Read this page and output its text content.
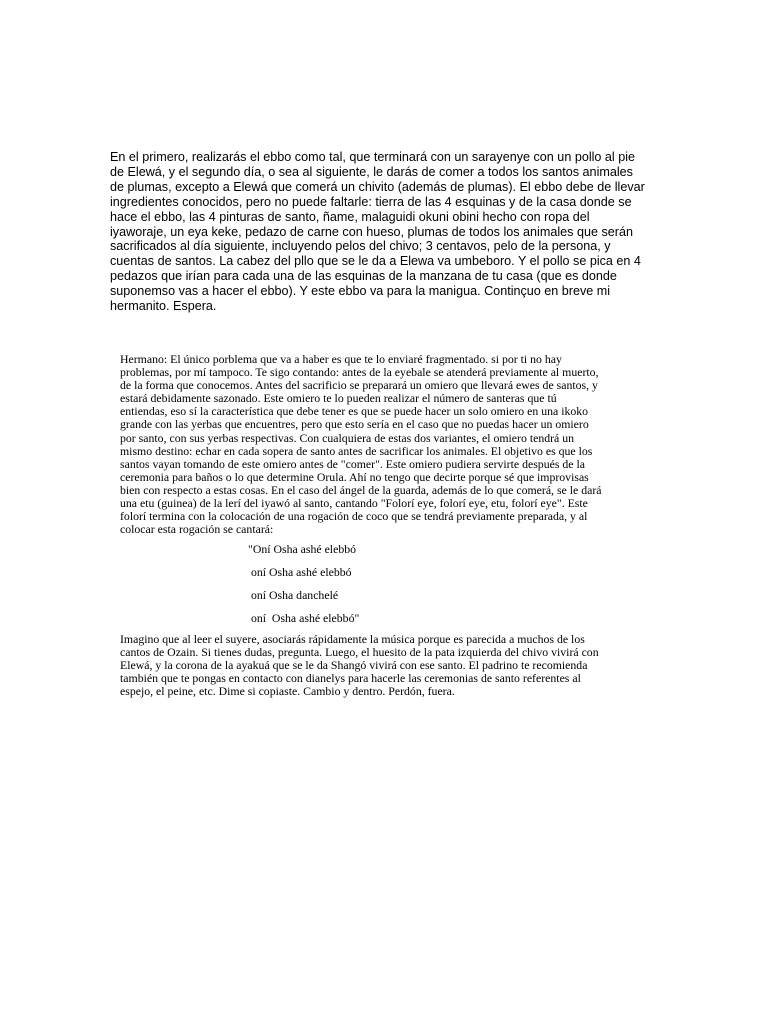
En el primero, realizarás el ebbo como tal, que terminará con un sarayenye con un pollo al pie
de Elewá, y el segundo día, o sea al siguiente, le darás de comer a todos los santos animales
de plumas, excepto a Elewá que comerá un chivito (además de plumas). El ebbo debe de llevar
ingredientes conocidos, pero no puede faltarle: tierra de las 4 esquinas y de la casa donde se
hace el ebbo, las 4 pinturas de santo, ñame, malaguidi okuni obini hecho con ropa del
iyaworaje, un eya keke, pedazo de carne con hueso, plumas de todos los animales que serán
sacrificados al día siguiente, incluyendo pelos del chivo; 3 centavos, pelo de la persona, y
cuentas de santos. La cabez del pllo que se le da a Elewa va umbeboro. Y el pollo se pica en 4
pedazos que irían para cada una de las esquinas de la manzana de tu casa (que es donde
suponemso vas a hacer el ebbo). Y este ebbo va para la manigua. Continçuo en breve mi
hermanito. Espera.

Hermano: El único porblema que va a haber es que te lo enviaré fragmentado. si por ti no hay
problemas, por mí tampoco. Te sigo contando: antes de la eyebale se atenderá previamente al muerto,
de la forma que conocemos. Antes del sacrificio se preparará un omiero que llevará ewes de santos, y
estará debidamente sazonado. Este omiero te lo pueden realizar el número de santeras que tú
entiendas, eso sí la característica que debe tener es que se puede hacer un solo omiero en una ikoko
grande con las yerbas que encuentres, pero que esto sería en el caso que no puedas hacer un omiero
por santo, con sus yerbas respectivas. Con cualquiera de estas dos variantes, el omiero tendrá un
mismo destino: echar en cada sopera de santo antes de sacrificar los animales. El objetivo es que los
santos vayan tomando de este omiero antes de "comer". Este omiero pudiera servirte después de la
ceremonia para baños o lo que determine Orula. Ahí no tengo que decirte porque sé que improvisas
bien con respecto a estas cosas. En el caso del ángel de la guarda, además de lo que comerá, se le dará
una etu (guinea) de la lerí del iyawó al santo, cantando "Folorí eye, folorí eye, etu, folorí eye". Este
folorí termina con la colocación de una rogación de coco que se tendrá previamente preparada, y al
colocar esta rogación se cantará:

"Oní Osha ashé elebbó
oní Osha ashé elebbó
oní Osha danchelé
oní  Osha ashé elebbó"

Imagino que al leer el suyere, asociarás rápidamente la música porque es parecida a muchos de los
cantos de Ozain. Si tienes dudas, pregunta. Luego, el huesito de la pata izquierda del chivo vivirá con
Elewá, y la corona de la ayakuá que se le da Shangó vivirá con ese santo. El padrino te recomienda
también que te pongas en contacto con dianelys para hacerle las ceremonias de santo referentes al
espejo, el peine, etc. Dime si copiaste. Cambio y dentro. Perdón, fuera.
